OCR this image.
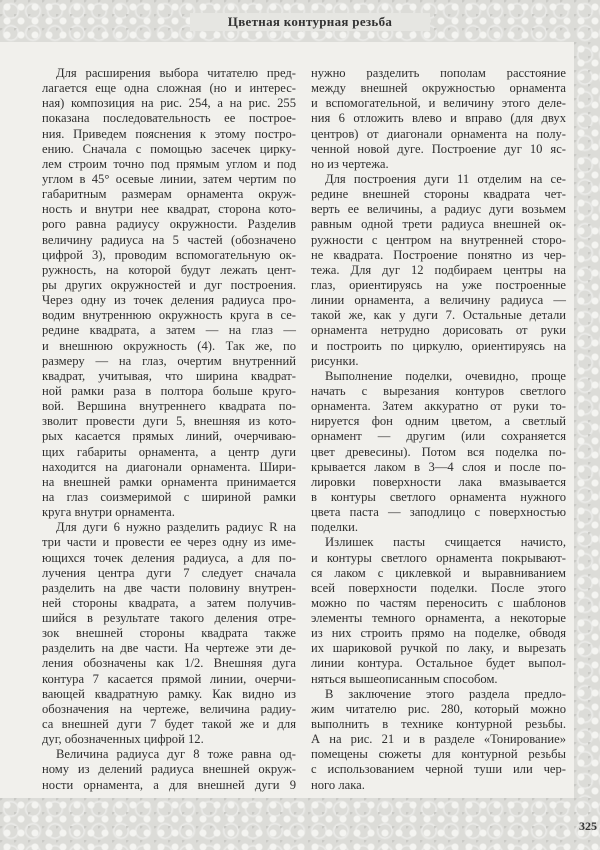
Цветная контурная резьба
Для расширения выбора читателю пред-
лагается еще одна сложная (но и интерес-
ная) композиция на рис. 254, а на рис. 255
показана последовательность ее построе-
ния. Приведем пояснения к этому постро-
ению. Сначала с помощью засечек цирку-
лем строим точно под прямым углом и под
углом в 45° осевые линии, затем чертим по
габаритным размерам орнамента окруж-
ность и внутри нее квадрат, сторона кото-
рого равна радиусу окружности. Разделив
величину радиуса на 5 частей (обозначено
цифрой 3), проводим вспомогательную ок-
ружность, на которой будут лежать цент-
ры других окружностей и дуг построения.
Через одну из точек деления радиуса про-
водим внутреннюю окружность круга в се-
редине квадрата, а затем — на глаз —
и внешнюю окружность (4). Так же, по
размеру — на глаз, очертим внутренний
квадрат, учитывая, что ширина квадрат-
ной рамки раза в полтора больше круго-
вой. Вершина внутреннего квадрата по-
зволит провести дуги 5, внешняя из кото-
рых касается прямых линий, очерчиваю-
щих габариты орнамента, а центр дуги
находится на диагонали орнамента. Шири-
на внешней рамки орнамента принимается
на глаз соизмеримой с шириной рамки
круга внутри орнамента.
Для дуги 6 нужно разделить радиус R на
три части и провести ее через одну из име-
ющихся точек деления радиуса, а для по-
лучения центра дуги 7 следует сначала
разделить на две части половину внутрен-
ней стороны квадрата, а затем получив-
шийся в результате такого деления отре-
зок внешней стороны квадрата также
разделить на две части. На чертеже эти де-
ления обозначены как 1/2. Внешняя дуга
контура 7 касается прямой линии, очерчи-
вающей квадратную рамку. Как видно из
обозначения на чертеже, величина радиу-
са внешней дуги 7 будет такой же и для
дуг, обозначенных цифрой 12.
Величина радиуса дуг 8 тоже равна од-
ному из делений радиуса внешней окруж-
ности орнамента, а для внешней дуги 9
нужно разделить пополам расстояние
между внешней окружностью орнамента
и вспомогательной, и величину этого деле-
ния 6 отложить влево и вправо (для двух
центров) от диагонали орнамента на полу-
ченной новой дуге. Построение дуг 10 яс-
но из чертежа.
Для построения дуги 11 отделим на се-
редине внешней стороны квадрата чет-
верть ее величины, а радиус дуги возьмем
равным одной трети радиуса внешней ок-
ружности с центром на внутренней сторо-
не квадрата. Построение понятно из чер-
тежа. Для дуг 12 подбираем центры на
глаз, ориентируясь на уже построенные
линии орнамента, а величину радиуса —
такой же, как у дуги 7. Остальные детали
орнамента нетрудно дорисовать от руки
и построить по циркулю, ориентируясь на
рисунки.
Выполнение поделки, очевидно, проще
начать с вырезания контуров светлого
орнамента. Затем аккуратно от руки то-
нируется фон одним цветом, а светлый
орнамент — другим (или сохраняется
цвет древесины). Потом вся поделка по-
крывается лаком в 3—4 слоя и после по-
лировки поверхности лака вмазывается
в контуры светлого орнамента нужного
цвета паста — заподлицо с поверхностью
поделки.
Излишек пасты счищается начисто,
и контуры светлого орнамента покрывают-
ся лаком с циклевкой и выравниванием
всей поверхности поделки. После этого
можно по частям переносить с шаблонов
элементы темного орнамента, а некоторые
из них строить прямо на поделке, обводя
их шариковой ручкой по лаку, и вырезать
линии контура. Остальное будет выпол-
няться вышеописанным способом.
В заключение этого раздела предло-
жим читателю рис. 280, который можно
выполнить в технике контурной резьбы.
А на рис. 21 и в разделе «Тонирование»
помещены сюжеты для контурной резьбы
с использованием черной туши или чер-
ного лака.
325
